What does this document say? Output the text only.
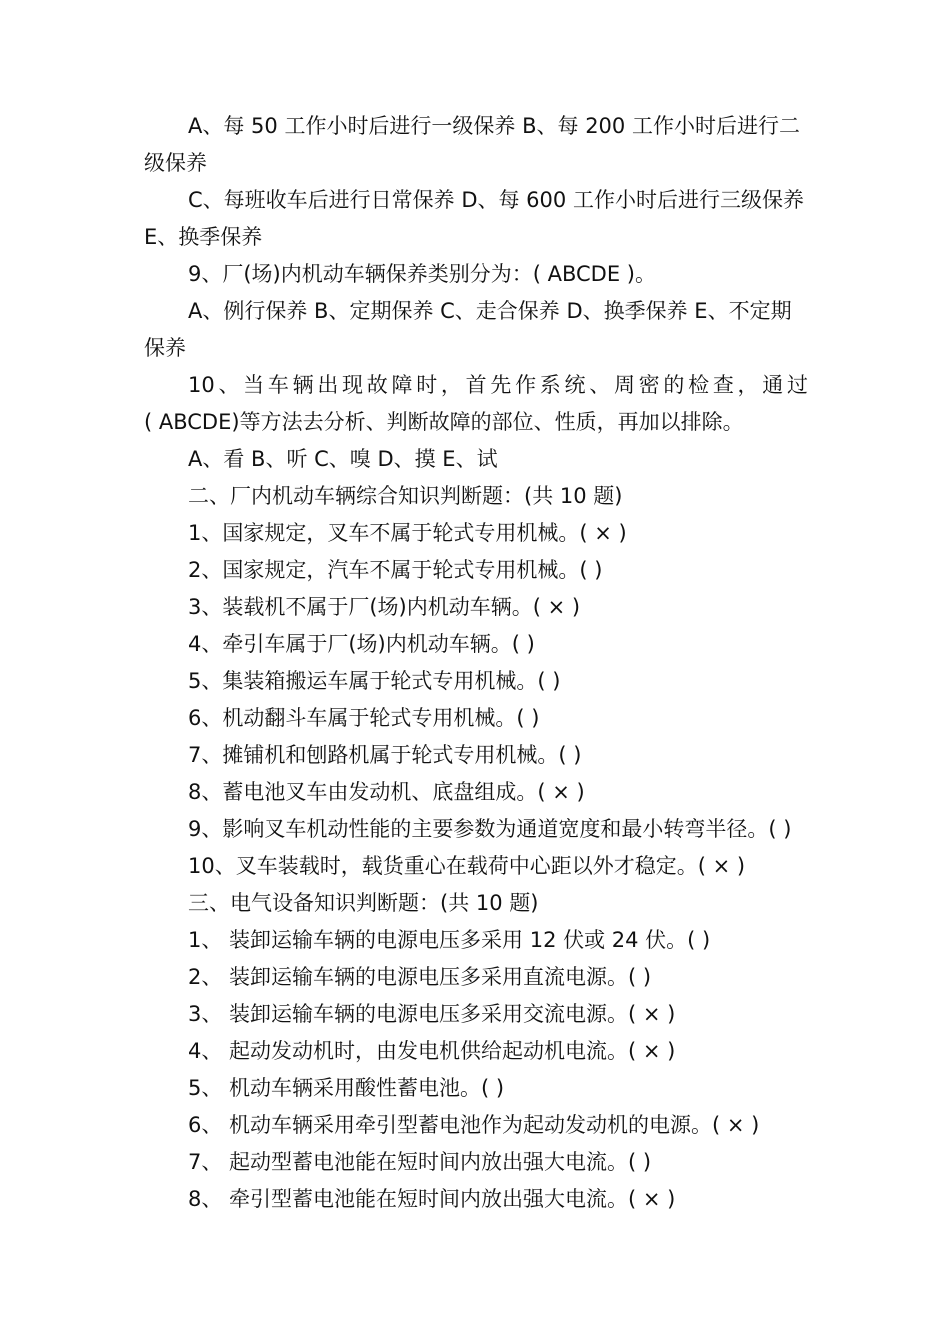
A、每 50 工作小时后进行一级保养 B、每 200 工作小时后进行二
级保养
C、每班收车后进行日常保养 D、每 600 工作小时后进行三级保养
E、换季保养
9、厂(场)内机动车辆保养类别分为：( ABCDE )。
A、例行保养 B、定期保养 C、走合保养 D、换季保养 E、不定期
保养
10、当车辆出现故障时，首先作系统、周密的检查，通过
( ABCDE)等方法去分析、判断故障的部位、性质，再加以排除。
A、看 B、听 C、嗅 D、摸 E、试
二、厂内机动车辆综合知识判断题：(共 10 题)
1、国家规定，叉车不属于轮式专用机械。( × )
2、国家规定，汽车不属于轮式专用机械。( )
3、装载机不属于厂(场)内机动车辆。( × )
4、牵引车属于厂(场)内机动车辆。( )
5、集装箱搬运车属于轮式专用机械。( )
6、机动翻斗车属于轮式专用机械。( )
7、摊铺机和刨路机属于轮式专用机械。( )
8、蓄电池叉车由发动机、底盘组成。( × )
9、影响叉车机动性能的主要参数为通道宽度和最小转弯半径。( )
10、叉车装载时，载货重心在载荷中心距以外才稳定。( × )
三、电气设备知识判断题：(共 10 题)
1、 装卸运输车辆的电源电压多采用 12 伏或 24 伏。( )
2、 装卸运输车辆的电源电压多采用直流电源。( )
3、 装卸运输车辆的电源电压多采用交流电源。( × )
4、 起动发动机时，由发电机供给起动机电流。( × )
5、 机动车辆采用酸性蓄电池。( )
6、 机动车辆采用牵引型蓄电池作为起动发动机的电源。( × )
7、 起动型蓄电池能在短时间内放出强大电流。( )
8、 牵引型蓄电池能在短时间内放出强大电流。( × )
